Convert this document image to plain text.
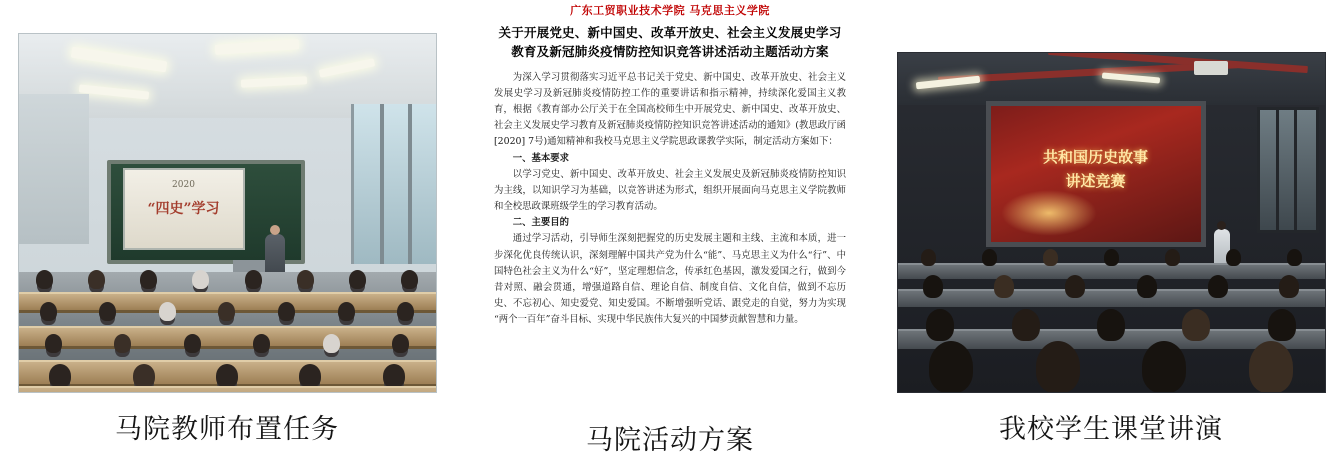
2020
“四史”学习
马院教师布置任务
广东工贸职业技术学院 马克思主义学院
关于开展党史、新中国史、改革开放史、社会主义发展史学习
教育及新冠肺炎疫情防控知识竞答讲述活动主题活动方案

为深入学习贯彻落实习近平总书记关于党史、新中国史、改革开放史、社会主义发展史学习及新冠肺炎疫情防控工作的重要讲话和指示精神，持续深化爱国主义教育，根据《教育部办公厅关于在全国高校师生中开展党史、新中国史、改革开放史、社会主义发展史学习教育及新冠肺炎疫情防控知识竞答讲述活动的通知》(教思政厅函[2020] 7号)通知精神和我校马克思主义学院思政课教学实际，制定活动方案如下：

一、基本要求

以学习党史、新中国史、改革开放史、社会主义发展史及新冠肺炎疫情防控知识为主线，以知识学习为基础，以竞答讲述为形式，组织开展面向马克思主义学院教师和全校思政课班级学生的学习教育活动。

二、主要目的

通过学习活动，引导师生深刻把握党的历史发展主题和主线、主流和本质，进一步深化优良传统认识，深刻理解中国共产党为什么“能”、马克思主义为什么“行”、中国特色社会主义为什么“好”，坚定理想信念，传承红色基因，激发爱国之行，做到今昔对照、融会贯通，增强道路自信、理论自信、制度自信、文化自信，做到不忘历史、不忘初心、知史爱党、知史爱国。不断增强听党话、跟党走的自觉，努力为实现“两个一百年”奋斗目标、实现中华民族伟大复兴的中国梦贡献智慧和力量。

马院活动方案
共和国历史故事
讲述竞赛
我校学生课堂讲演
